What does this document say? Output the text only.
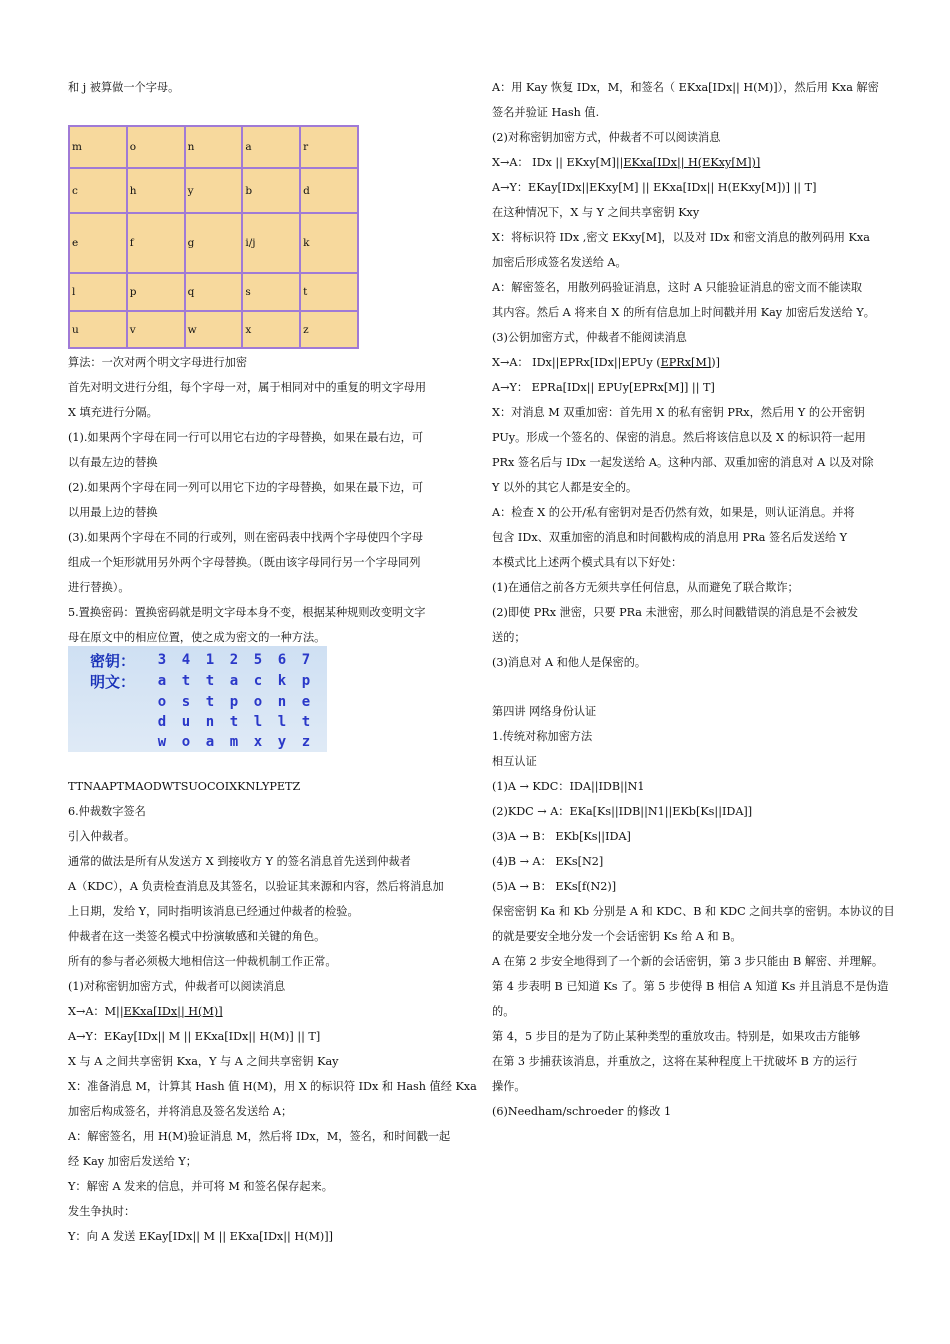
和 j 被算做一个字母。
m	o	n	a	r
c	h	y	b	d
e	f	g	i/j	k
l	p	q	s	t
u	v	w	x	z
算法：一次对两个明文字母进行加密
首先对明文进行分组，每个字母一对，属于相同对中的重复的明文字母用
X 填充进行分隔。
(1).如果两个字母在同一行可以用它右边的字母替换，如果在最右边，可
以有最左边的替换
(2).如果两个字母在同一列可以用它下边的字母替换，如果在最下边，可
以用最上边的替换
(3).如果两个字母在不同的行或列，则在密码表中找两个字母使四个字母
组成一个矩形就用另外两个字母替换。（既由该字母同行另一个字母同列
进行替换）。
5.置换密码：置换密码就是明文字母本身不变，根据某种规则改变明文字
母在原文中的相应位置，使之成为密文的一种方法。
密钥：	3	4	1	2	5	6	7
明文：	a	t	t	a	c	k	p
o	s	t	p	o	n	e
d	u	n	t	l	l	t
w	o	a	m	x	y	z
TTNAAPTMAODWTSUOCOIXKNLYPETZ
6.仲裁数字签名
引入仲裁者。
通常的做法是所有从发送方 X 到接收方 Y 的签名消息首先送到仲裁者
A（KDC），A 负责检查消息及其签名，以验证其来源和内容，然后将消息加
上日期，发给 Y，同时指明该消息已经通过仲裁者的检验。
仲裁者在这一类签名模式中扮演敏感和关键的角色。
所有的参与者必须极大地相信这一仲裁机制工作正常。
(1)对称密钥加密方式，仲裁者可以阅读消息
X→A：M||EKxa[IDx|| H(M)]
A→Y：EKay[IDx|| M || EKxa[IDx|| H(M)] || T]
X 与 A 之间共享密钥 Kxa，Y 与 A 之间共享密钥 Kay
X：准备消息 M，计算其 Hash 值 H(M)，用 X 的标识符 IDx 和 Hash 值经 Kxa
加密后构成签名，并将消息及签名发送给 A；
A：解密签名，用 H(M)验证消息 M，然后将 IDx，M，签名，和时间戳一起
经 Kay 加密后发送给 Y；
Y：解密 A 发来的信息，并可将 M 和签名保存起来。
发生争执时：
Y：向 A 发送 EKay[IDx|| M || EKxa[IDx|| H(M)]]
A：用 Kay 恢复 IDx，M，和签名（ EKxa[IDx|| H(M)]），然后用 Kxa 解密
签名并验证 Hash 值.
(2)对称密钥加密方式，仲裁者不可以阅读消息
X→A： IDx || EKxy[M]||EKxa[IDx|| H(EKxy[M])]
A→Y：EKay[IDx||EKxy[M] || EKxa[IDx|| H(EKxy[M])] || T]
在这种情况下，X 与 Y 之间共享密钥 Kxy
X：将标识符 IDx ,密文 EKxy[M]，以及对 IDx 和密文消息的散列码用 Kxa
加密后形成签名发送给 A。
A：解密签名，用散列码验证消息，这时 A 只能验证消息的密文而不能读取
其内容。然后 A 将来自 X 的所有信息加上时间戳并用 Kay 加密后发送给 Y。
(3)公钥加密方式，仲裁者不能阅读消息
X→A： IDx||EPRx[IDx||EPUy (EPRx[M])]
A→Y： EPRa[IDx|| EPUy[EPRx[M]] || T]
X：对消息 M 双重加密：首先用 X 的私有密钥 PRx，然后用 Y 的公开密钥
PUy。形成一个签名的、保密的消息。然后将该信息以及 X 的标识符一起用
PRx 签名后与 IDx 一起发送给 A。这种内部、双重加密的消息对 A 以及对除
Y 以外的其它人都是安全的。
A：检查 X 的公开/私有密钥对是否仍然有效，如果是，则认证消息。并将
包含 IDx、双重加密的消息和时间戳构成的消息用 PRa 签名后发送给 Y
本模式比上述两个模式具有以下好处：
(1)在通信之前各方无须共享任何信息，从而避免了联合欺诈；
(2)即使 PRx 泄密，只要 PRa 未泄密，那么时间戳错误的消息是不会被发
送的；
(3)消息对 A 和他人是保密的。
第四讲 网络身份认证
1.传统对称加密方法
相互认证
(1)A → KDC：IDA||IDB||N1
(2)KDC → A：EKa[Ks||IDB||N1||EKb[Ks||IDA]]
(3)A → B： EKb[Ks||IDA]
(4)B → A： EKs[N2]
(5)A → B： EKs[f(N2)]
保密密钥 Ka 和 Kb 分别是 A 和 KDC、B 和 KDC 之间共享的密钥。本协议的目
的就是要安全地分发一个会话密钥 Ks 给 A 和 B。
A 在第 2 步安全地得到了一个新的会话密钥，第 3 步只能由 B 解密、并理解。
第 4 步表明 B 已知道 Ks 了。第 5 步使得 B 相信 A 知道 Ks 并且消息不是伪造
的。
第 4，5 步目的是为了防止某种类型的重放攻击。特别是，如果攻击方能够
在第 3 步捕获该消息，并重放之，这将在某种程度上干扰破坏 B 方的运行
操作。
(6)Needham/schroeder 的修改 1
